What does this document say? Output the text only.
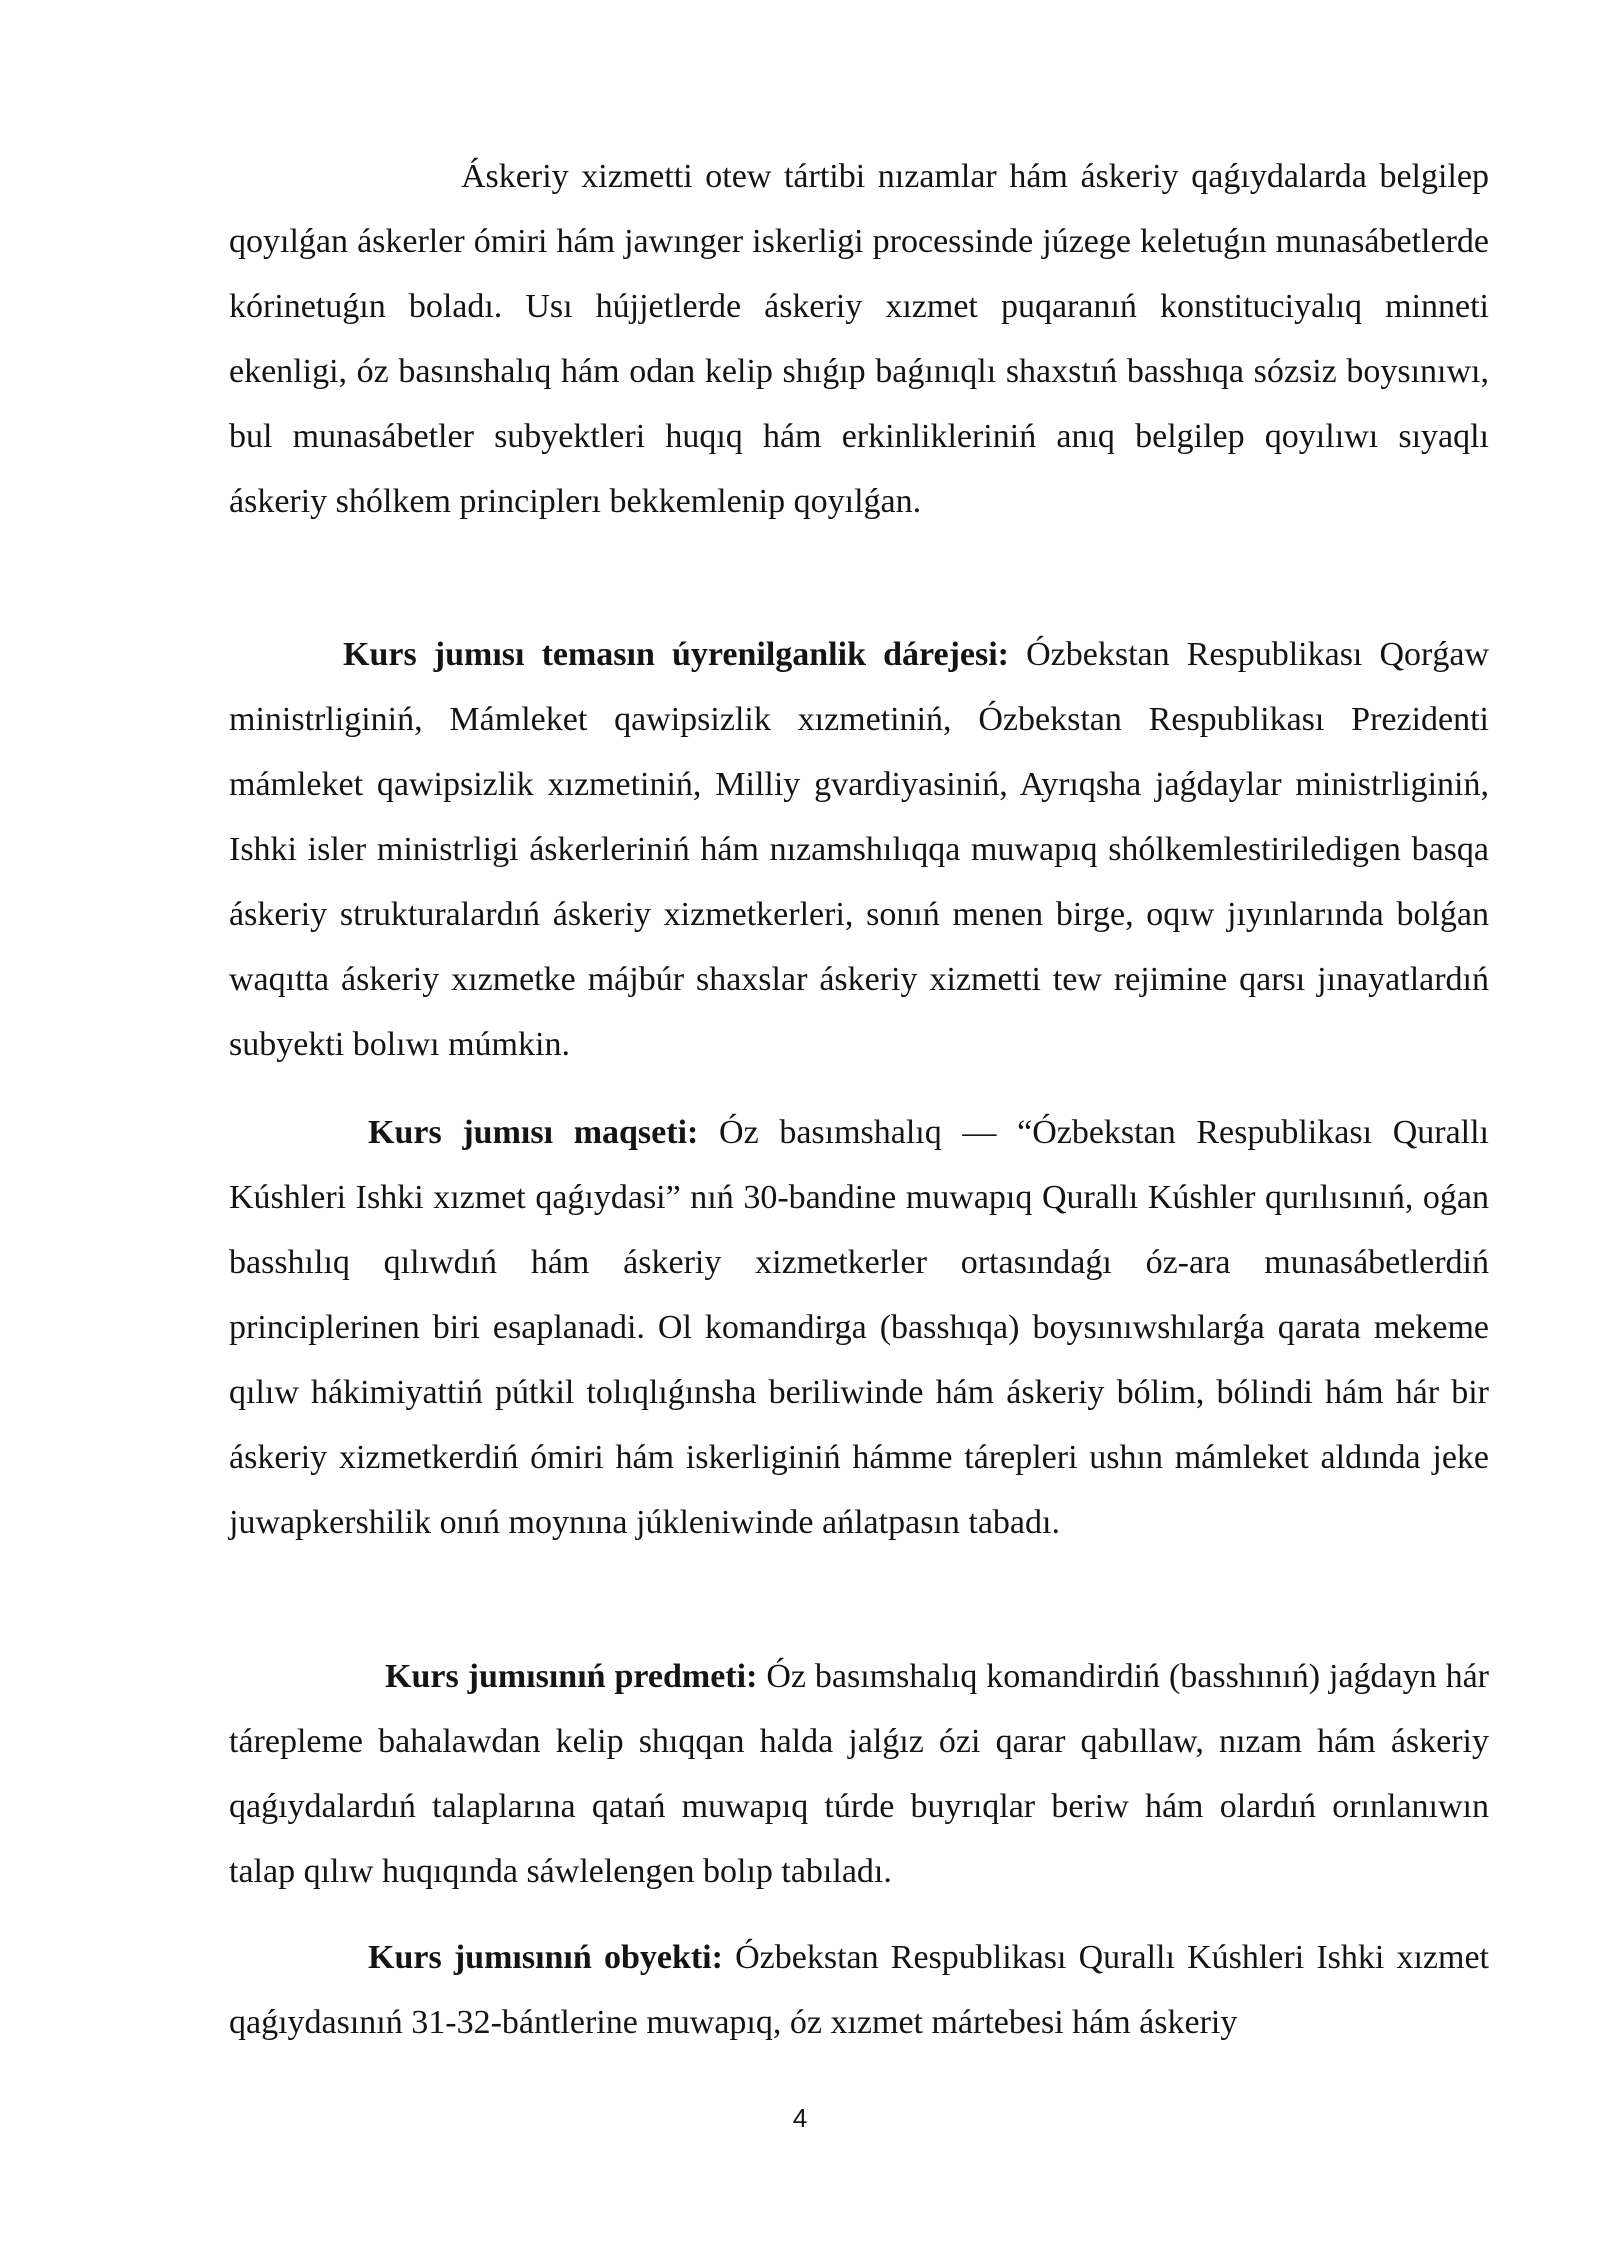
Áskeriy xizmetti otew tártibi nızamlar hám áskeriy qaǵıydalarda belgilep qoyılǵan áskerler ómiri hám jawınger iskerligi processinde júzege keletuǵın munasábetlerde kórinetuǵın boladı. Usı hújjetlerde áskeriy xızmet puqaranıń konstituciyalıq minneti ekenligi, óz basınshalıq hám odan kelip shıǵıp baǵınıqlı shaxstıń basshıqa sózsiz boysınıwı, bul munasábetler subyektleri huqıq hám erkinlikleriniń anıq belgilep qoyılıwı sıyaqlı áskeriy shólkem principlerı bekkemlenip qoyılǵan.

Kurs jumısı temasın úyrenilganlik dárejesi: Ózbekstan Respublikası Qorǵaw ministrliginiń, Mámleket qawipsizlik xızmetiniń, Ózbekstan Respublikası Prezidenti mámleket qawipsizlik xızmetiniń, Milliy gvardiyasiniń, Ayrıqsha jaǵdaylar ministrliginiń, Ishki isler ministrligi áskerleriniń hám nızamshılıqqa muwapıq shólkemlestiriledigen basqa áskeriy strukturalardıń áskeriy xizmetkerleri, sonıń menen birge, oqıw jıyınlarında bolǵan waqıtta áskeriy xızmetke májbúr shaxslar áskeriy xizmetti tew rejimine qarsı jınayatlardıń subyekti bolıwı múmkin.

Kurs jumısı maqseti: Óz basımshalıq — “Ózbekstan Respublikası Qurallı Kúshleri Ishki xızmet qaǵıydasi” nıń 30-bandine muwapıq Qurallı Kúshler qurılısınıń, oǵan basshılıq qılıwdıń hám áskeriy xizmetkerler ortasındaǵı óz-ara munasábetlerdiń principlerinen biri esaplanadi. Ol komandirga (basshıqa) boysınıwshılarǵa qarata mekeme qılıw hákimiyattiń pútkil tolıqlıǵınsha beriliwinde hám áskeriy bólim, bólindi hám hár bir áskeriy xizmetkerdiń ómiri hám iskerliginiń hámme tárepleri ushın mámleket aldında jeke juwapkershilik onıń moynına júkleniwinde ańlatpasın tabadı.

Kurs jumısınıń predmeti: Óz basımshalıq komandirdiń (basshınıń) jaǵdayn hár tárepleme bahalawdan kelip shıqqan halda jalǵız ózi qarar qabıllaw, nızam hám áskeriy qaǵıydalardıń talaplarına qatań muwapıq túrde buyrıqlar beriw hám olardıń orınlanıwın talap qılıw huqıqında sáwlelengen bolıp tabıladı.

Kurs jumısınıń obyekti: Ózbekstan Respublikası Qurallı Kúshleri Ishki xızmet qaǵıydasınıń 31-32-bántlerine muwapıq, óz xızmet mártebesi hám áskeriy

4
